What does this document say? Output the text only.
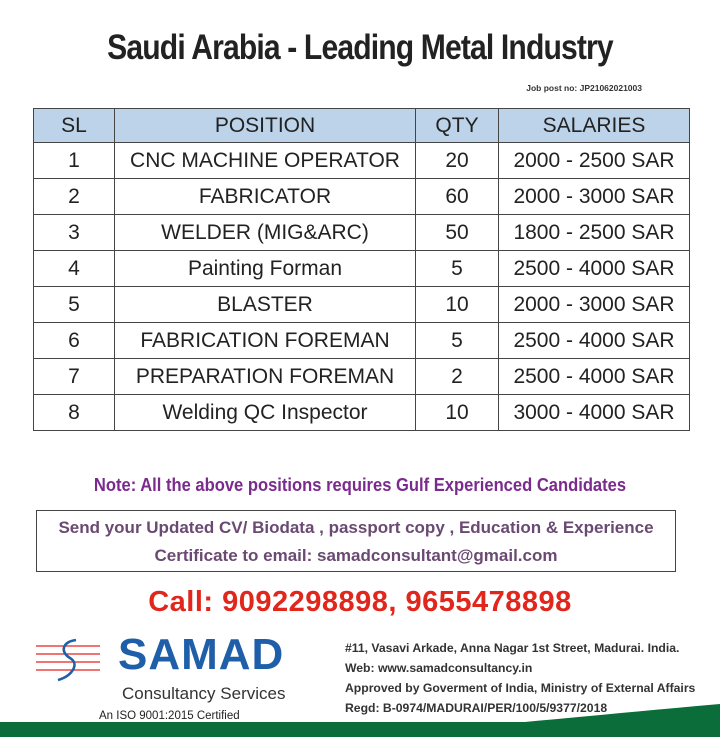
Saudi Arabia - Leading Metal Industry
Job post no: JP21062021003
SL	POSITION	QTY	SALARIES
1	CNC MACHINE OPERATOR	20	2000 - 2500 SAR
2	FABRICATOR	60	2000 - 3000 SAR
3	WELDER (MIG&ARC)	50	1800 - 2500 SAR
4	Painting Forman	5	2500 - 4000 SAR
5	BLASTER	10	2000 - 3000 SAR
6	FABRICATION FOREMAN	5	2500 - 4000 SAR
7	PREPARATION FOREMAN	2	2500 - 4000 SAR
8	Welding QC Inspector	10	3000 - 4000 SAR
Note: All the above positions requires Gulf Experienced Candidates
Send your Updated CV/ Biodata , passport copy , Education & Experience
Certificate to email: samadconsultant@gmail.com
Call: 9092298898, 9655478898
SAMAD
Consultancy Services
An ISO 9001:2015 Certified
#11, Vasavi Arkade, Anna Nagar 1st Street, Madurai. India.
Web: www.samadconsultancy.in
Approved by Goverment of India, Ministry of External Affairs
Regd: B-0974/MADURAI/PER/100/5/9377/2018
